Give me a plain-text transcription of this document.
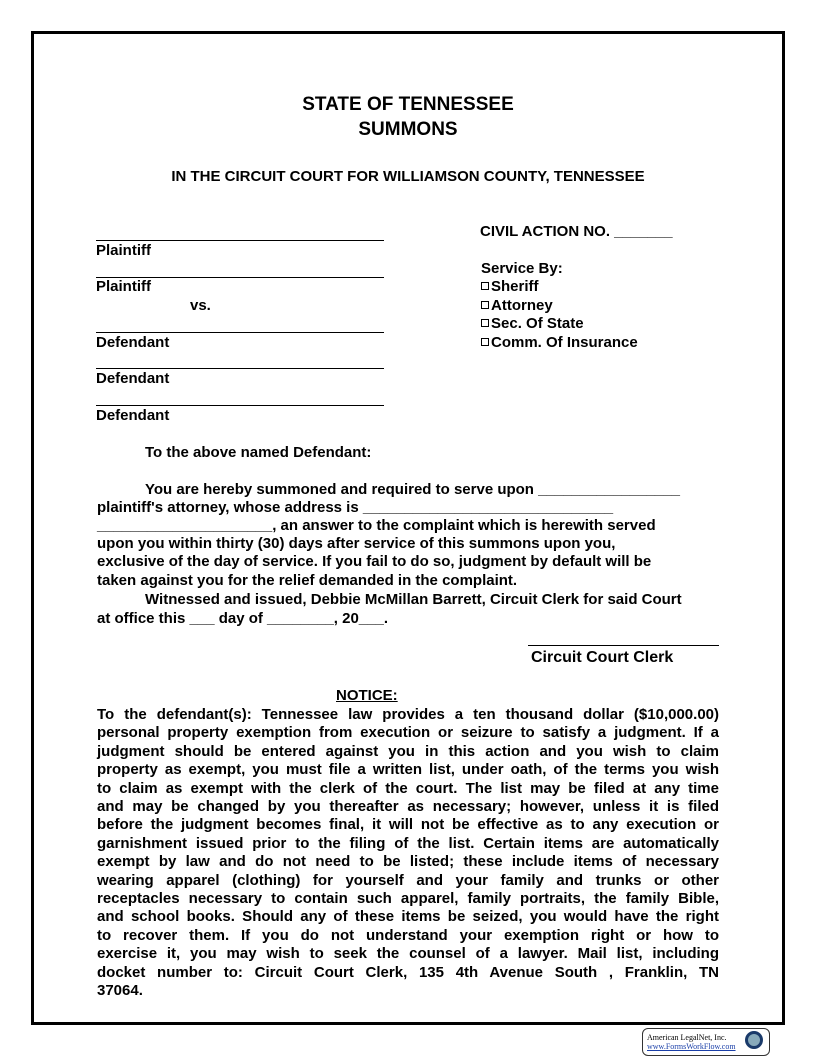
STATE OF TENNESSEE
SUMMONS
IN THE CIRCUIT COURT FOR WILLIAMSON COUNTY, TENNESSEE
Plaintiff
Plaintiff
vs.
Defendant
Defendant
Defendant
CIVIL ACTION NO. _______
Service By:
Sheriff
Attorney
Sec. Of State
Comm. Of Insurance
To the above named Defendant:
You are hereby summoned and required to serve upon _________________
plaintiff's attorney, whose address is ______________________________
_____________________, an answer to the complaint which is herewith served
upon you within thirty (30) days after service of this summons upon you,
exclusive of the day of service. If you fail to do so, judgment by default will be
taken against you for the relief demanded in the complaint.
Witnessed and issued, Debbie McMillan Barrett, Circuit Clerk for said Court
at office this ___ day of ________, 20___.
Circuit Court Clerk
NOTICE:
To the defendant(s): Tennessee law provides a ten thousand dollar ($10,000.00)
personal property exemption from execution or seizure to satisfy a judgment. If a
judgment should be entered against you in this action and you wish to claim
property as exempt, you must file a written list, under oath, of the terms you wish
to claim as exempt with the clerk of the court. The list may be filed at any time
and may be changed by you thereafter as necessary; however, unless it is filed
before the judgment becomes final, it will not be effective as to any execution or
garnishment issued prior to the filing of the list. Certain items are automatically
exempt by law and do not need to be listed; these include items of necessary
wearing apparel (clothing) for yourself and your family and trunks or other
receptacles necessary to contain such apparel, family portraits, the family Bible,
and school books. Should any of these items be seized, you would have the right
to recover them. If you do not understand your exemption right or how to
exercise it, you may wish to seek the counsel of a lawyer. Mail list, including
docket number to: Circuit Court Clerk, 135 4th Avenue South , Franklin, TN
37064.
American LegalNet, Inc.
www.FormsWorkFlow.com
